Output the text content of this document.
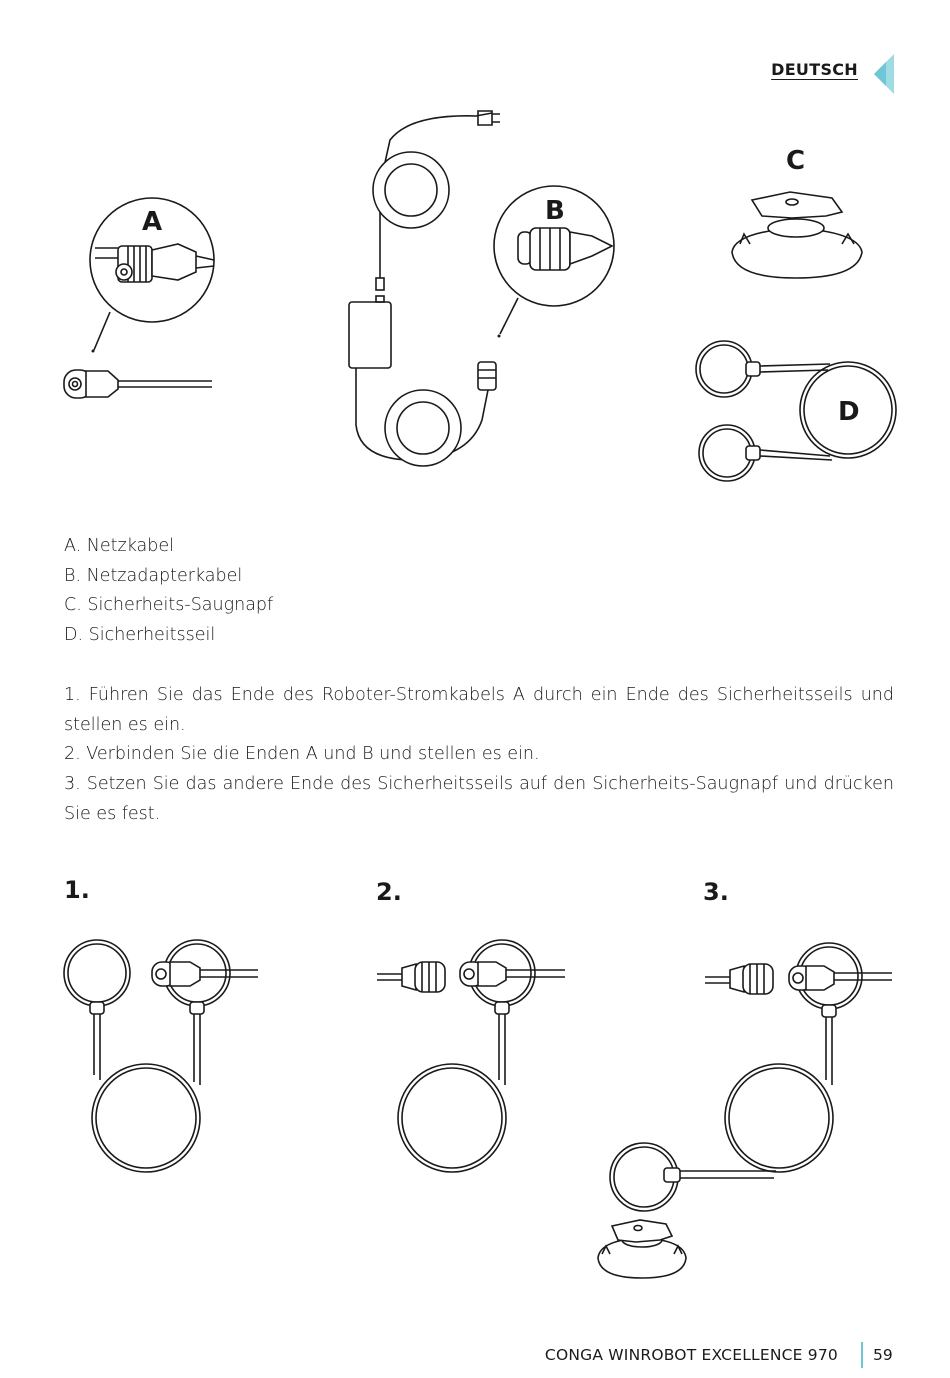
DEUTSCH
A	B
C
D
A. Netzkabel
B. Netzadapterkabel
C. Sicherheits-Saugnapf
D. Sicherheitsseil
1. Führen Sie das Ende des Roboter-Stromkabels A durch ein Ende des Sicherheitsseils und stellen es ein.
2. Verbinden Sie die Enden A und B und stellen es ein.
3. Setzen Sie das andere Ende des Sicherheitsseils auf den Sicherheits-Saugnapf und drücken Sie es fest.
1.	2.	3.
CONGA WINROBOT EXCELLENCE 970 59
